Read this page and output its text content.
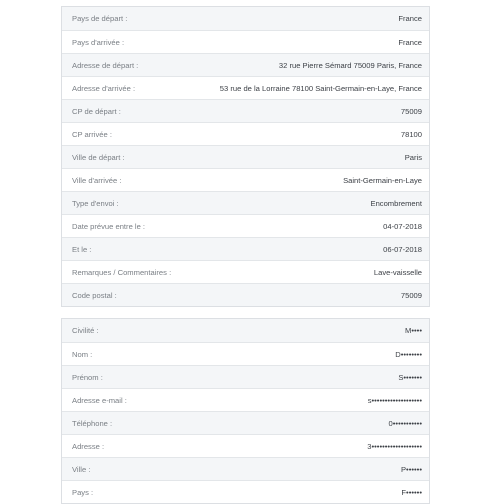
Pays de départ :	France
Pays d'arrivée :	France
Adresse de départ :	32 rue Pierre Sémard 75009 Paris, France
Adresse d'arrivée :	53 rue de la Lorraine 78100 Saint-Germain-en-Laye, France
CP de départ :	75009
CP arrivée :	78100
Ville de départ :	Paris
Ville d'arrivée :	Saint-Germain-en-Laye
Type d'envoi :	Encombrement
Date prévue entre le :	04-07-2018
Et le :	06-07-2018
Remarques / Commentaires :	Lave-vaisselle
Code postal :	75009
Civilité :	M••••
Nom :	D••••••••
Prénom :	S•••••••
Adresse e-mail :	s•••••••••••••••••••
Téléphone :	0•••••••••••
Adresse :	3•••••••••••••••••••
Ville :	P••••••
Pays :	F••••••
